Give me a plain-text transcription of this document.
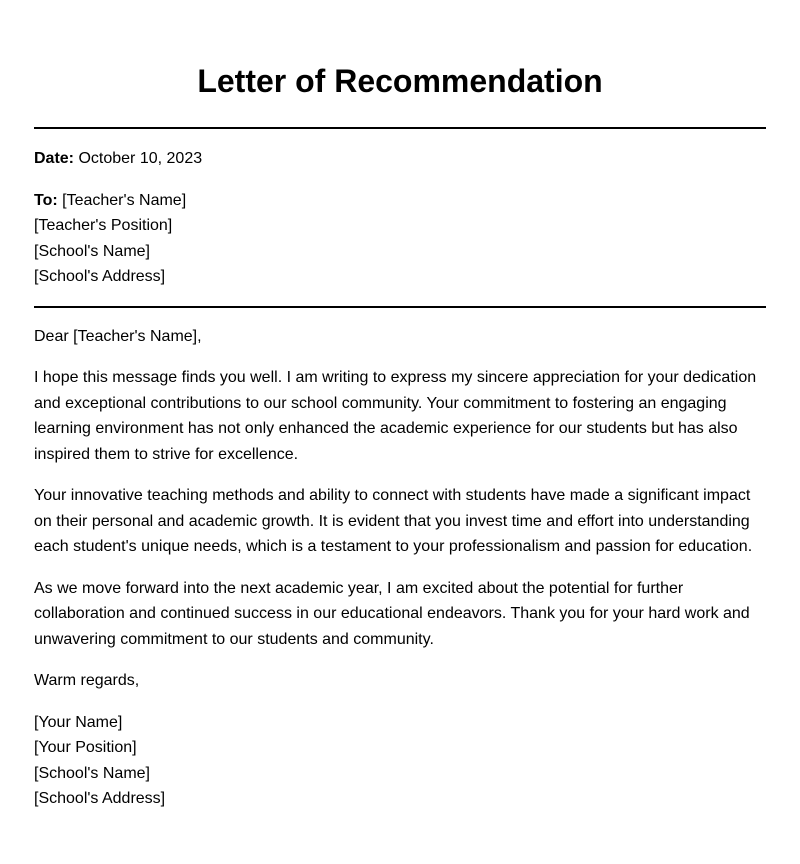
Letter of Recommendation
Date: October 10, 2023
To: [Teacher's Name]
[Teacher's Position]
[School's Name]
[School's Address]
Dear [Teacher's Name],

I hope this message finds you well. I am writing to express my sincere appreciation for your dedication and exceptional contributions to our school community. Your commitment to fostering an engaging learning environment has not only enhanced the academic experience for our students but has also inspired them to strive for excellence.

Your innovative teaching methods and ability to connect with students have made a significant impact on their personal and academic growth. It is evident that you invest time and effort into understanding each student's unique needs, which is a testament to your professionalism and passion for education.

As we move forward into the next academic year, I am excited about the potential for further collaboration and continued success in our educational endeavors. Thank you for your hard work and unwavering commitment to our students and community.

Warm regards,
[Your Name]
[Your Position]
[School's Name]
[School's Address]
